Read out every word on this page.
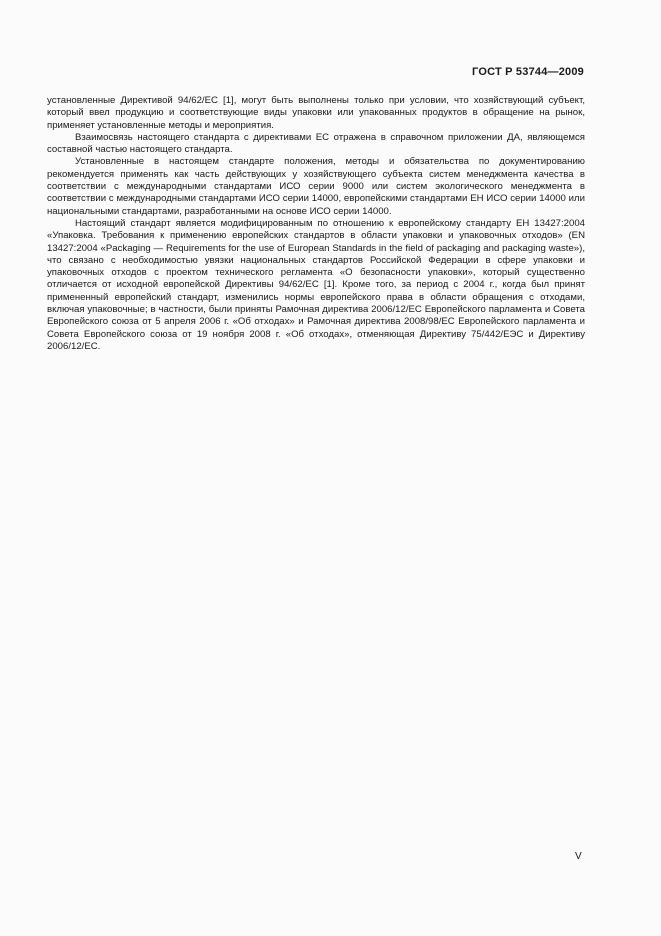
ГОСТ Р 53744—2009

установленные Директивой 94/62/ЕС [1], могут быть выполнены только при условии, что хозяйствующий субъект, который ввел продукцию и соответствующие виды упаковки или упакованных продуктов в обращение на рынок, применяет установленные методы и мероприятия.

Взаимосвязь настоящего стандарта с директивами ЕС отражена в справочном приложении ДА, являющемся составной частью настоящего стандарта.

Установленные в настоящем стандарте положения, методы и обязательства по документированию рекомендуется применять как часть действующих у хозяйствующего субъекта систем менеджмента качества в соответствии с международными стандартами ИСО серии 9000 или систем экологического менеджмента в соответствии с международными стандартами ИСО серии 14000, европейскими стандартами ЕН ИСО серии 14000 или национальными стандартами, разработанными на основе ИСО серии 14000.

Настоящий стандарт является модифицированным по отношению к европейскому стандарту ЕН 13427:2004 «Упаковка. Требования к применению европейских стандартов в области упаковки и упаковочных отходов» (EN 13427:2004 «Packaging — Requirements for the use of European Standards in the field of packaging and packaging waste»), что связано с необходимостью увязки национальных стандартов Российской Федерации в сфере упаковки и упаковочных отходов с проектом технического регламента «О безопасности упаковки», который существенно отличается от исходной европейской Директивы 94/62/ЕС [1]. Кроме того, за период с 2004 г., когда был принят примененный европейский стандарт, изменились нормы европейского права в области обращения с отходами, включая упаковочные; в частности, были приняты Рамочная директива 2006/12/ЕС Европейского парламента и Совета Европейского союза от 5 апреля 2006 г. «Об отходах» и Рамочная директива 2008/98/ЕС Европейского парламента и Совета Европейского союза от 19 ноября 2008 г. «Об отходах», отменяющая Директиву 75/442/ЕЭС и Директиву 2006/12/ЕС.

V
